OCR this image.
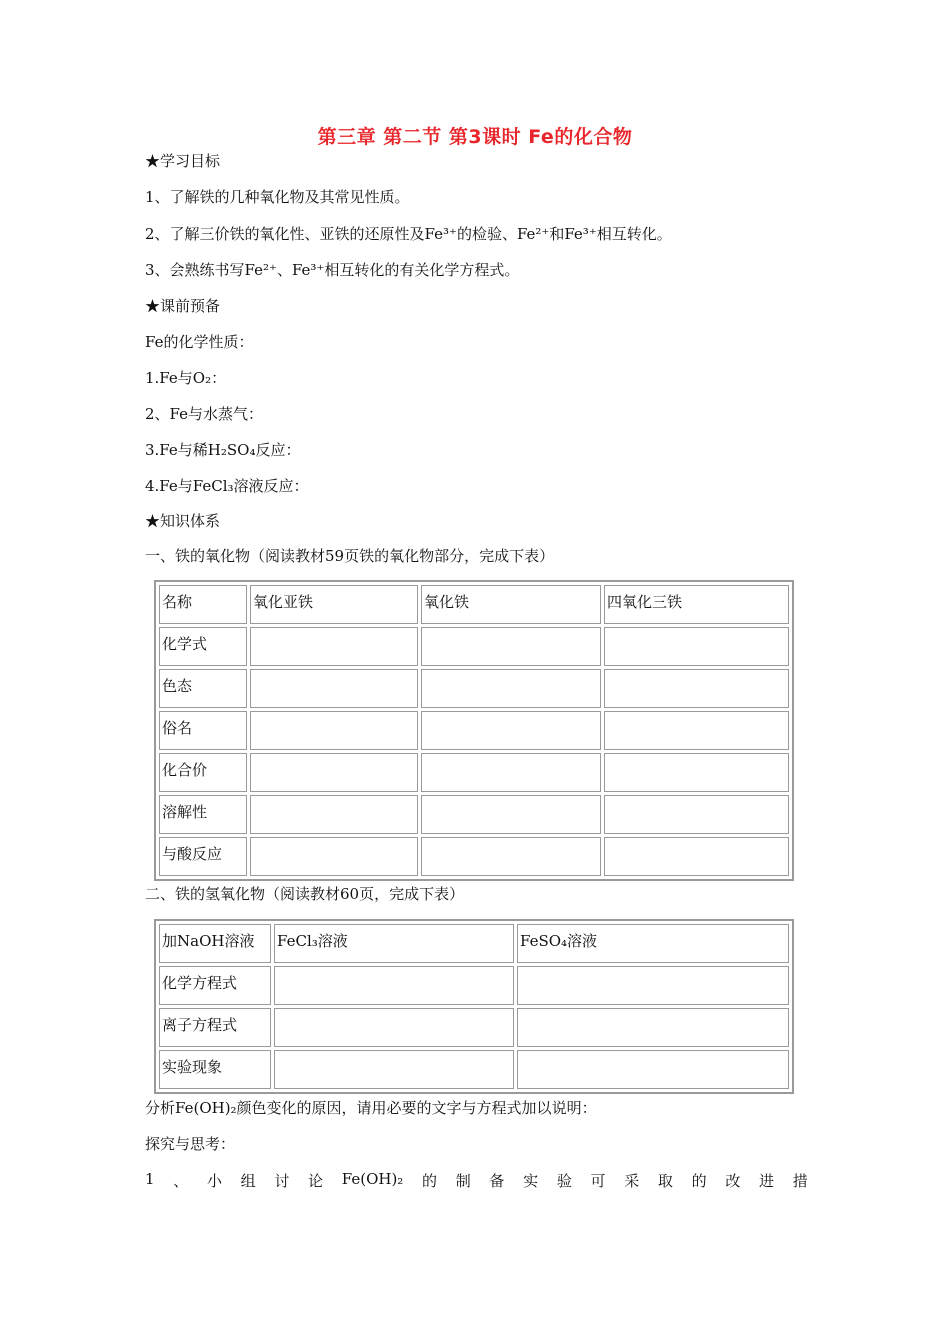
第三章 第二节 第3课时 Fe的化合物
★学习目标
1、了解铁的几种氧化物及其常见性质。
2、了解三价铁的氧化性、亚铁的还原性及Fe³⁺的检验、Fe²⁺和Fe³⁺相互转化。
3、会熟练书写Fe²⁺、Fe³⁺相互转化的有关化学方程式。
★课前预备
Fe的化学性质：
1.Fe与O₂：
2、Fe与水蒸气：
3.Fe与稀H₂SO₄反应：
4.Fe与FeCl₃溶液反应：
★知识体系
一、铁的氧化物（阅读教材59页铁的氧化物部分，完成下表）
名称	氧化亚铁	氧化铁	四氧化三铁
化学式			
色态			
俗名			
化合价			
溶解性			
与酸反应			
二、铁的氢氧化物（阅读教材60页，完成下表）
加NaOH溶液	FeCl₃溶液	FeSO₄溶液
化学方程式		
离子方程式		
实验现象		
分析Fe(OH)₂颜色变化的原因，请用必要的文字与方程式加以说明：
探究与思考：
1 、 小 组 讨 论 Fe(OH)₂ 的 制 备 实 验 可 采 取 的 改 进 措
